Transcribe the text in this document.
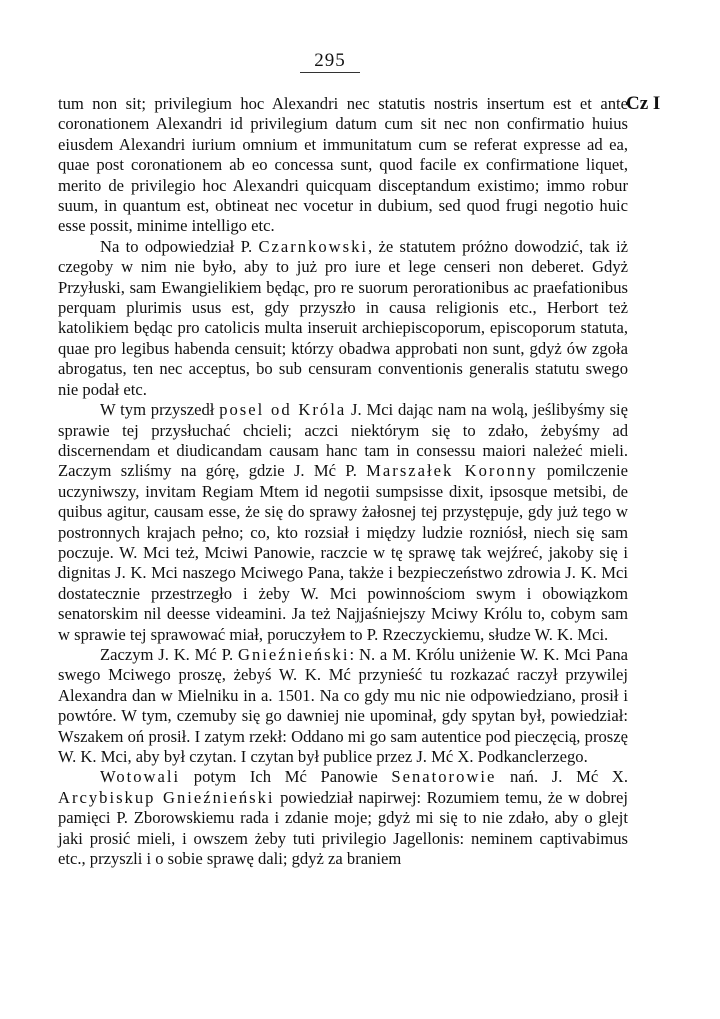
295
Cz I

tum non sit; privilegium hoc Alexandri nec statutis nostris insertum est et ante coronationem Alexandri id privilegium datum cum sit nec non confirmatio huius eiusdem Alexandri iurium omnium et immunitatum cum se referat expresse ad ea, quae post coronationem ab eo concessa sunt, quod facile ex confirmatione liquet, merito de privilegio hoc Alexandri quicquam disceptandum existimo; immo robur suum, in quantum est, obtineat nec vocetur in dubium, sed quod frugi negotio huic esse possit, minime intelligo etc.

Na to odpowiedział P. Czarnkowski, że statutem próżno dowodzić, tak iż czegoby w nim nie było, aby to już pro iure et lege censeri non deberet. Gdyż Przyłuski, sam Ewangielikiem będąc, pro re suorum perorationibus ac praefationibus perquam plurimis usus est, gdy przyszło in causa religionis etc., Herbort też katolikiem będąc pro catolicis multa inseruit archiepiscoporum, episcoporum statuta, quae pro legibus habenda censuit; którzy obadwa approbati non sunt, gdyż ów zgoła abrogatus, ten nec acceptus, bo sub censuram conventionis generalis statutu swego nie podał etc.

W tym przyszedł posel od Króla J. Mci dając nam na wolą, jeślibyśmy się sprawie tej przysłuchać chcieli; aczci niektórym się to zdało, żebyśmy ad discernendam et diudicandam causam hanc tam in consessu maiori należeć mieli. Zaczym szliśmy na górę, gdzie J. Mć P. Marszałek Koronny pomilczenie uczyniwszy, invitam Regiam Mtem id negotii sumpsisse dixit, ipsosque metsibi, de quibus agitur, causam esse, że się do sprawy żałosnej tej przystępuje, gdy już tego w postronnych krajach pełno; co, kto rozsiał i między ludzie rozniósł, niech się sam poczuje. W. Mci też, Mciwi Panowie, raczcie w tę sprawę tak wejźreć, jakoby się i dignitas J. K. Mci naszego Mciwego Pana, także i bezpieczeństwo zdrowia J. K. Mci dostatecznie przestrzegło i żeby W. Mci powinnościom swym i obowiązkom senatorskim nil deesse videamini. Ja też Najjaśniejszy Mciwy Królu to, cobym sam w sprawie tej sprawować miał, poruczyłem to P. Rzeczyckiemu, słudze W. K. Mci.

Zaczym J. K. Mć P. Gnieźnieński: N. a M. Królu uniżenie W. K. Mci Pana swego Mciwego proszę, żebyś W. K. Mć przynieść tu rozkazać raczył przywilej Alexandra dan w Mielniku in a. 1501. Na co gdy mu nic nie odpowiedziano, prosił i powtóre. W tym, czemuby się go dawniej nie upominał, gdy spytan był, powiedział: Wszakem oń prosił. I zatym rzekł: Oddano mi go sam autentice pod pieczęcią, proszę W. K. Mci, aby był czytan. I czytan był publice przez J. Mć X. Podkanclerzego.

Wotowali potym Ich Mć Panowie Senatorowie nań. J. Mć X. Arcybiskup Gnieźnieński powiedział napirwej: Rozumiem temu, że w dobrej pamięci P. Zborowskiemu rada i zdanie moje; gdyż mi się to nie zdało, aby o glejt jaki prosić mieli, i owszem żeby tuti privilegio Jagellonis: neminem captivabimus etc., przyszli i o sobie sprawę dali; gdyż za braniem
